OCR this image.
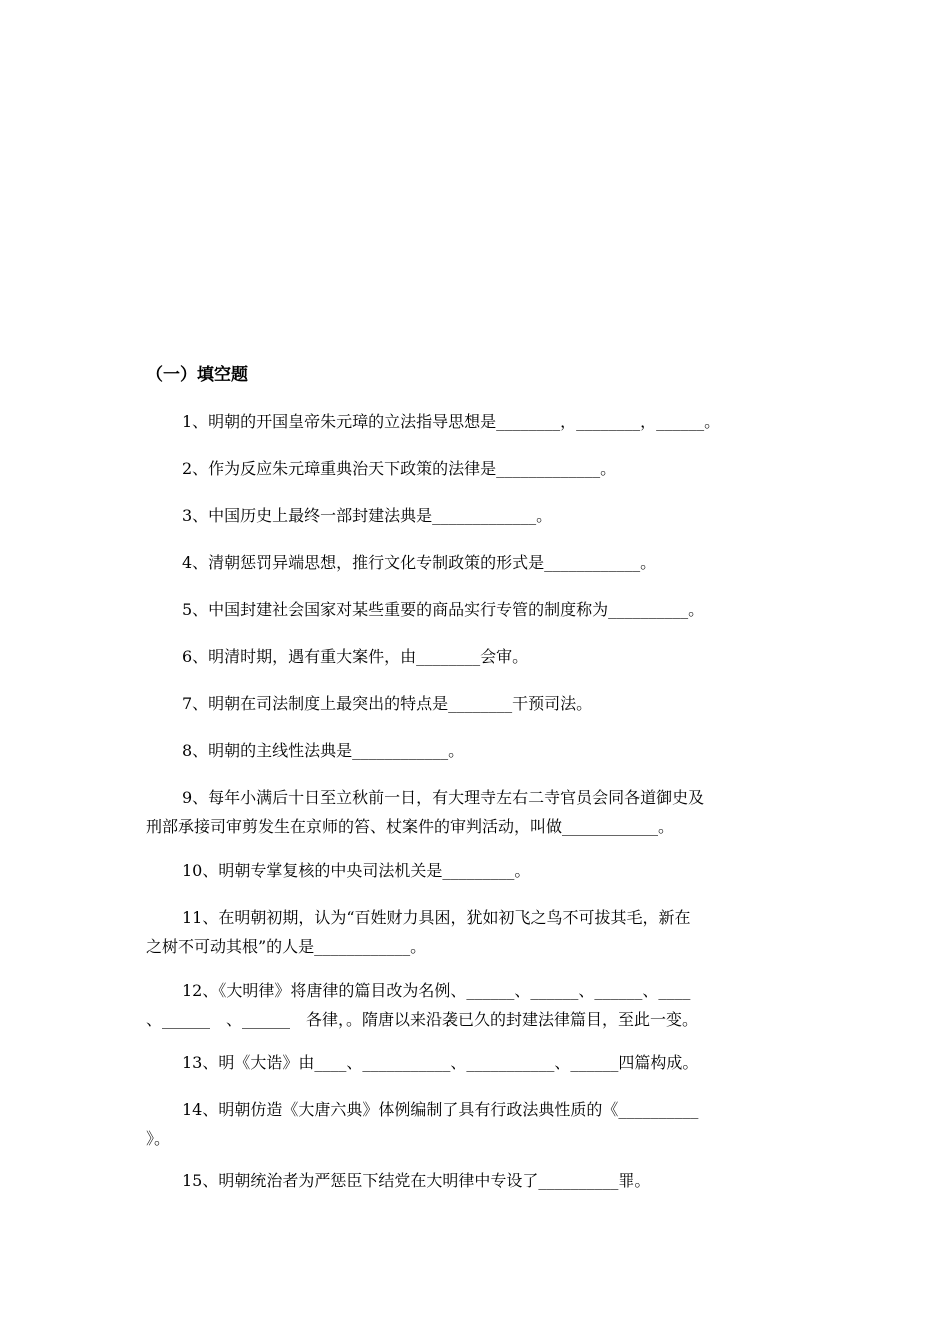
（一）填空题
1、明朝的开国皇帝朱元璋的立法指导思想是________，________，______。
2、作为反应朱元璋重典治天下政策的法律是_____________。
3、中国历史上最终一部封建法典是_____________。
4、清朝惩罚异端思想，推行文化专制政策的形式是____________。
5、中国封建社会国家对某些重要的商品实行专管的制度称为__________。
6、明清时期，遇有重大案件，由________会审。
7、明朝在司法制度上最突出的特点是________干预司法。
8、明朝的主线性法典是____________。
9、每年小满后十日至立秋前一日，有大理寺左右二寺官员会同各道御史及
刑部承接司审剪发生在京师的笞、杖案件的审判活动，叫做____________。
10、明朝专掌复核的中央司法机关是_________。
11、在明朝初期，认为“百姓财力具困，犹如初飞之鸟不可拔其毛，新在
之树不可动其根”的人是____________。
12、《大明律》将唐律的篇目改为名例、______、______、______、____
、______　、______　各律，。隋唐以来沿袭已久的封建法律篇目，至此一变。
13、明《大诰》由____、___________、___________、______四篇构成。
14、明朝仿造《大唐六典》体例编制了具有行政法典性质的《__________
》。
15、明朝统治者为严惩臣下结党在大明律中专设了__________罪。
